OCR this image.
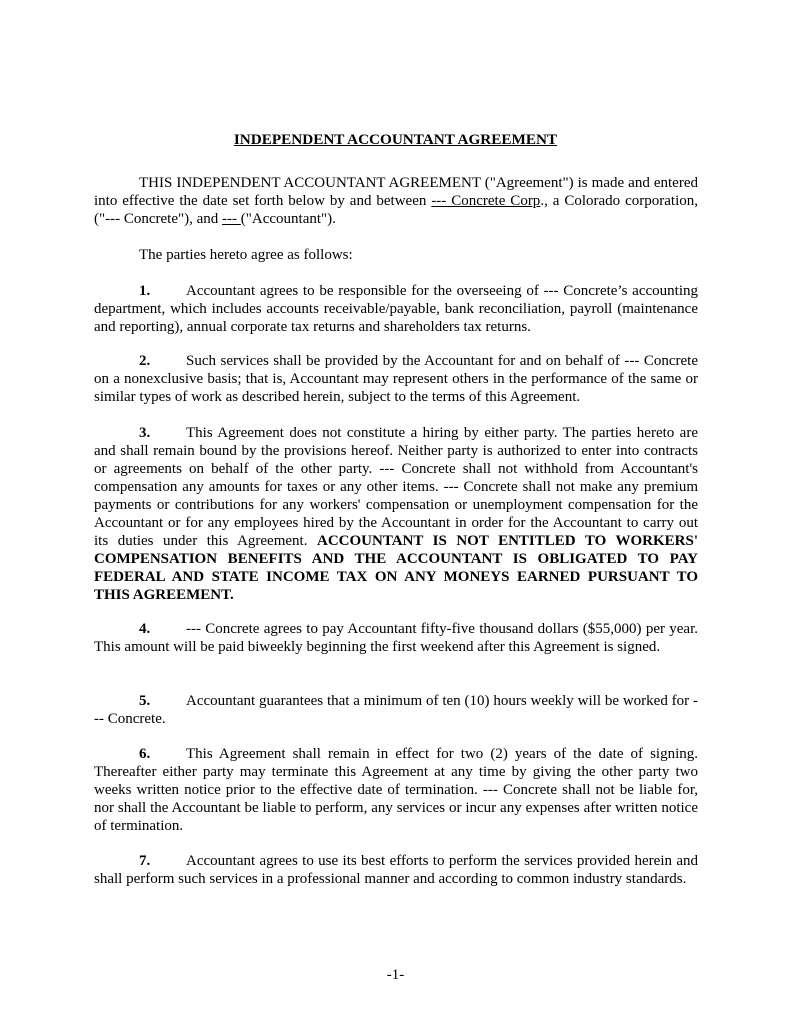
INDEPENDENT ACCOUNTANT AGREEMENT
THIS INDEPENDENT ACCOUNTANT AGREEMENT ("Agreement") is made and entered into effective the date set forth below by and between --- Concrete Corp., a Colorado corporation, ("--- Concrete"), and --- ("Accountant").
The parties hereto agree as follows:
1. Accountant agrees to be responsible for the overseeing of --- Concrete’s accounting department, which includes accounts receivable/payable, bank reconciliation, payroll (maintenance and reporting), annual corporate tax returns and shareholders tax returns.
2. Such services shall be provided by the Accountant for and on behalf of --- Concrete on a nonexclusive basis; that is, Accountant may represent others in the performance of the same or similar types of work as described herein, subject to the terms of this Agreement.
3. This Agreement does not constitute a hiring by either party. The parties hereto are and shall remain bound by the provisions hereof. Neither party is authorized to enter into contracts or agreements on behalf of the other party. --- Concrete shall not withhold from Accountant's compensation any amounts for taxes or any other items. --- Concrete shall not make any premium payments or contributions for any workers' compensation or unemployment compensation for the Accountant or for any employees hired by the Accountant in order for the Accountant to carry out its duties under this Agreement. ACCOUNTANT IS NOT ENTITLED TO WORKERS' COMPENSATION BENEFITS AND THE ACCOUNTANT IS OBLIGATED TO PAY FEDERAL AND STATE INCOME TAX ON ANY MONEYS EARNED PURSUANT TO THIS AGREEMENT.
4. --- Concrete agrees to pay Accountant fifty-five thousand dollars ($55,000) per year. This amount will be paid biweekly beginning the first weekend after this Agreement is signed.
5. Accountant guarantees that a minimum of ten (10) hours weekly will be worked for --- Concrete.
6. This Agreement shall remain in effect for two (2) years of the date of signing. Thereafter either party may terminate this Agreement at any time by giving the other party two weeks written notice prior to the effective date of termination. --- Concrete shall not be liable for, nor shall the Accountant be liable to perform, any services or incur any expenses after written notice of termination.
7. Accountant agrees to use its best efforts to perform the services provided herein and shall perform such services in a professional manner and according to common industry standards.
-1-
